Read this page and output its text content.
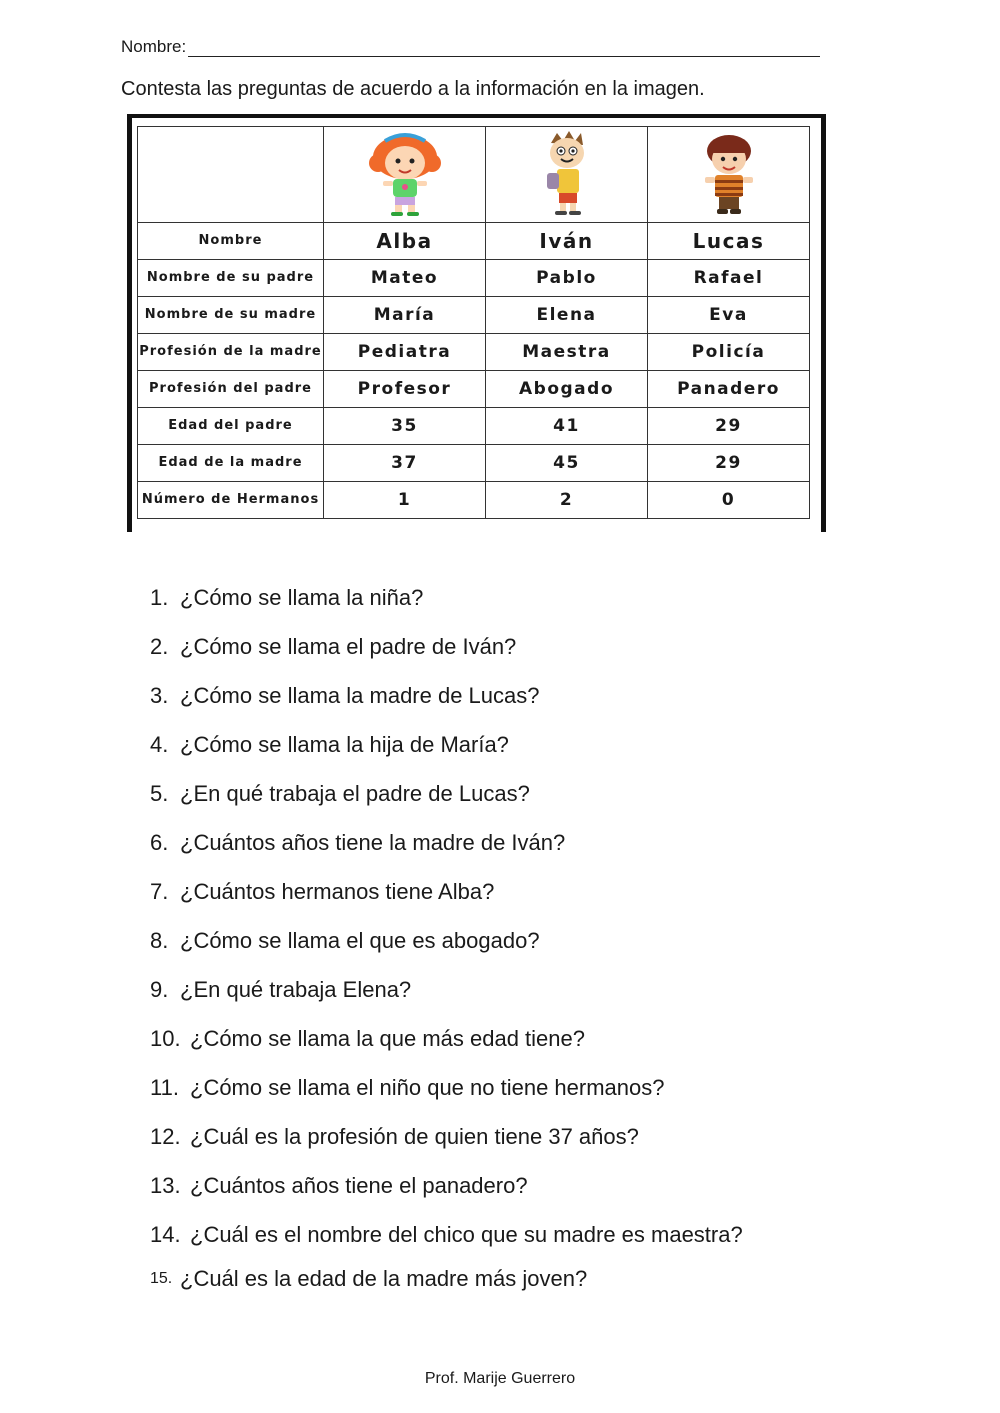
Nombre:
Contesta las preguntas de acuerdo a la información en la imagen.

Nombre	Alba	Iván	Lucas
Nombre de su padre	Mateo	Pablo	Rafael
Nombre de su madre	María	Elena	Eva
Profesión de la madre	Pediatra	Maestra	Policía
Profesión del padre	Profesor	Abogado	Panadero
Edad del padre	35	41	29
Edad de la madre	37	45	29
Número de Hermanos	1	2	0
1. ¿Cómo se llama la niña?
2. ¿Cómo se llama el padre de Iván?
3. ¿Cómo se llama la madre de Lucas?
4. ¿Cómo se llama la hija de María?
5. ¿En qué trabaja el padre de Lucas?
6. ¿Cuántos años tiene la madre de Iván?
7. ¿Cuántos hermanos tiene Alba?
8. ¿Cómo se llama el que es abogado?
9. ¿En qué trabaja Elena?
10. ¿Cómo se llama la que más edad tiene?
11. ¿Cómo se llama el niño que no tiene hermanos?
12. ¿Cuál es la profesión de quien tiene 37 años?
13. ¿Cuántos años tiene el panadero?
14. ¿Cuál es el nombre del chico que su madre es maestra?
15. ¿Cuál es la edad de la madre más joven?
Prof. Marije Guerrero
